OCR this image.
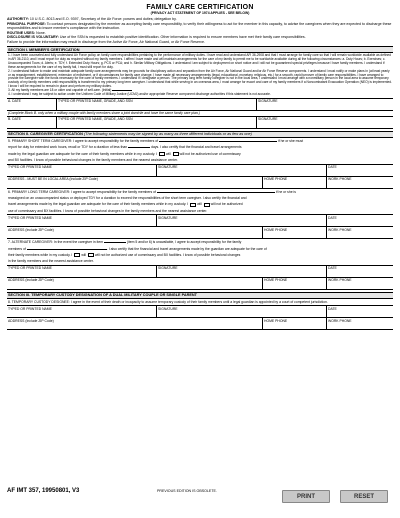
FAMILY CARE CERTIFICATION
(PRIVACY ACT STATEMENT OF 1974 APPLIES - SEE BELOW)
AUTHORITY: 10 U.S.C. 8013 and E.O. 9397, Secretary of the Air Force: powers and duties; delegation by.
PRINCIPAL PURPOSE: To contact persons designated by the member as accepting family care responsibility, to verify their willingness to act for the member in this capacity, to advise the caregivers when they are expected to discharge these responsibilities and to insure member's compliance with the instruction.
ROUTINE USES: None.
DISCLOSURE IS VOLUNTARY: Use of the SSN is requested to establish positive identification. Other information is required to ensure members have met their family care responsibilities.
Failure to provide the information may result in discharge from the Active Air Force, Air National Guard, or Air Force Reserve.
SECTION I. MEMBER'S CERTIFICATION
1. I have been counseled and fully understand Air Force policy on family care responsibilities pertaining to the performance of military duties. I have read and understand AFI 36-2908 and that I must arrange for family care so that I will remain worldwide available as defined in AFI 36-2110, and I must report for duty as required without my family members. I affirm I have made and will maintain arrangements for the care of my family to permit me to be worldwide available during all the following circumstances: a. Duty Hours; b. Exercises; c. Unaccompanied Tours; d. Alerts; e. TDY; f. Extended Duty Hours; g. PCS or PCA; and h. Similar Military Obligations. I understand I am subject to deployment on short notice and I will not be guaranteed special privileges because I have family members. I understand if these arrangements for the care of my family fail, I must still report for duty.
2. I understand failure to make and maintain adequate family care arrangements may be grounds for disciplinary action and separation from the Air Force, Air National Guard and/or Air Force Reserve components. I understand I must notify or make plans in (at least yearly or as reassignment, establishment, extension of enlistment, or if circumstances for family care change. I have made all necessary arrangements (legal, educational, monetary, religious, etc.) for a smooth, rapid turnover of family care responsibilities. I have arranged to provide the caregiver with the funds necessary for the care of family members. I understand if I designate a person. The primary long term family caregiver is not in the local area, I understand I must arrange with a nonmilitary person in the local area to assume temporary custody of my family members until responsibility is transferred to my primary long term caregiver. I understand that while serving in an overseas area, I must arrange for escort and care of my family members if a Noncombatant Evacuation Operation (NEO) is implemented. I know I will be required to remain in place and perform my military duties.
3. All my family members are 18 or older and capable of self-care. (Initial)
4. I understand I may be subject to action under the Uniform Code of Military Justice (UCMJ) and/or appropriate Reserve component discharge authorities if this statement is not accurate.
A. DATE	TYPED OR PRINTED NAME, GRADE, AND SSN	SIGNATURE
(Complete Block B. only when a military couple with family members share a joint domicile and have the same family care plan.)
B. DATE	TYPED OR PRINTED NAME, GRADE, AND SSN	SIGNATURE
SECTION II. CAREGIVER CERTIFICATION (The following statements may be signed by as many as three different individuals or as few as one)
5. PRIMARY SHORT TERM CAREGIVER: I agree to accept responsibility for the family members of	if he or she must
report for duty for extended work hours, recall or TDY for a duration of less than	days. I also certify that the financial and travel arrangements
made by the legal guardian are adequate for the care of their family members while in my custody. I	will	will not be authorized use of commissary
and BX facilities. I know of possible behavioral changes in the family members and the nearest assistance center.
TYPED OR PRINTED NAME	SIGNATURE	DATE
ADDRESS - MUST BE IN LOCAL AREA (Include ZIP Code)	HOME PHONE	WORK PHONE
6. PRIMARY LONG TERM CAREGIVER: I agree to accept responsibility for the family members of	if he or she is
reassigned on an unaccompanied status or deployed TDY for a duration to exceed the responsibilities of the short term caregiver. I also certify the financial and
travel arrangements made by the legal guardian are adequate for the care of their family members while in my custody. I	will	will not be authorized
use of commissary and BX facilities. I know of possible behavioral changes in the family members and the nearest assistance center.
TYPED OR PRINTED NAME	SIGNATURE	DATE
ADDRESS (Include ZIP Code)	HOME PHONE	WORK PHONE
7. ALTERNATE CAREGIVER: In the event the caregiver in item	(item 5 and/or 6) is unavailable, I agree to accept responsibility for the family
members of	. I also certify that the financial and travel arrangements made by the guardian are adequate for the care of
their family members while in my custody. I	will	will not be authorized use of commissary and BX facilities. I know of possible behavioral changes
in the family members and the nearest assistance center.
TYPED OR PRINTED NAME	SIGNATURE	DATE
ADDRESS (Include ZIP Code)	HOME PHONE	WORK PHONE
SECTION III. TEMPORARY CUSTODY DESIGNATION OF A DUAL MILITARY COUPLE OR SINGLE PARENT
8. TEMPORARY CUSTODY DESIGNEE: I agree in the event of their death or incapacity to assume temporary custody of their family members until a legal guardian is appointed by a court of competent jurisdiction.
TYPED OR PRINTED NAME	SIGNATURE	DATE
ADDRESS (Include ZIP Code)	HOME PHONE	WORK PHONE
AF IMT 357, 19950801, V3	PREVIOUS EDITION IS OBSOLETE.
PRINT	RESET
